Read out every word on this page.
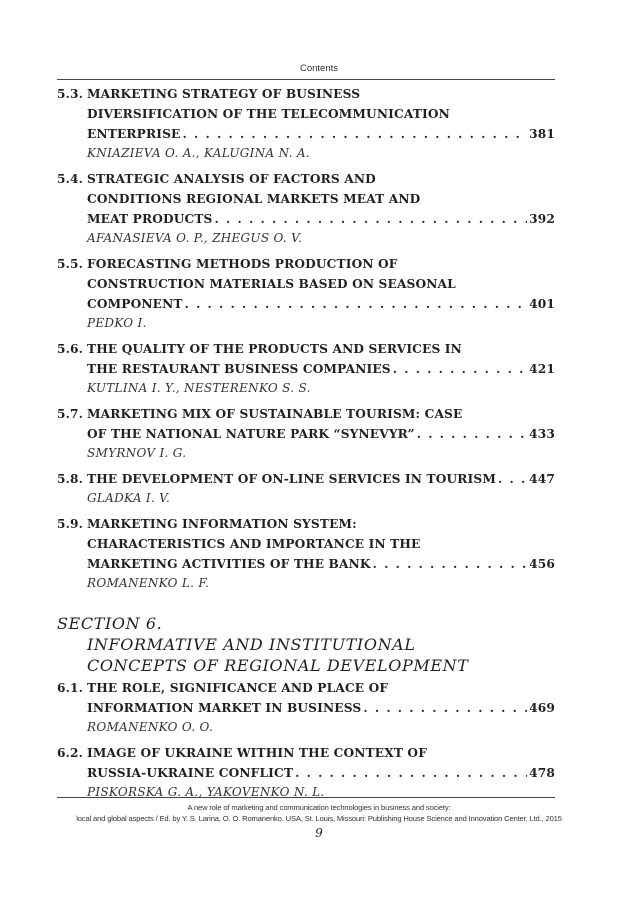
Contents
5.3. MARKETING STRATEGY OF BUSINESS
DIVERSIFICATION OF THE TELECOMMUNICATION
ENTERPRISE . . .	381
KNIAZIEVA O. A., KALUGINA N. A.
5.4. STRATEGIC ANALYSIS OF FACTORS AND
CONDITIONS REGIONAL MARKETS MEAT AND
MEAT PRODUCTS . . .	392
AFANASIEVA O. P., ZHEGUS O. V.
5.5. FORECASTING METHODS PRODUCTION OF
CONSTRUCTION MATERIALS BASED ON SEASONAL
COMPONENT . . .	401
PEDKO I.
5.6. THE QUALITY OF THE PRODUCTS AND SERVICES IN
THE RESTAURANT BUSINESS COMPANIES . . .	421
KUTLINA I. Y., NESTERENKO S. S.
5.7. MARKETING MIX OF SUSTAINABLE TOURISM: CASE
OF THE NATIONAL NATURE PARK “SYNEVYR” . . .	433
SMYRNOV I. G.
5.8. THE DEVELOPMENT OF ON-LINE SERVICES IN TOURISM . . .	447
GLADKA I. V.
5.9. MARKETING INFORMATION SYSTEM:
CHARACTERISTICS AND IMPORTANCE IN THE
MARKETING ACTIVITIES OF THE BANK . . .	456
ROMANENKO L. F.
SECTION 6.
INFORMATIVE AND INSTITUTIONAL
CONCEPTS OF REGIONAL DEVELOPMENT
6.1. THE ROLE, SIGNIFICANCE AND PLACE OF
INFORMATION MARKET IN BUSINESS . . .	469
ROMANENKO O. O.
6.2. IMAGE OF UKRAINE WITHIN THE CONTEXT OF
RUSSIA-UKRAINE CONFLICT . . .	478
PISKORSKA G. A., YAKOVENKO N. L.
A new role of marketing and communication technologies in business and society:
local and global aspects / Ed. by Y. S. Larina, O. O. Romanenko. USA, St. Louis, Missouri: Publishing House Science and Innovation Center, Ltd., 2015
9
